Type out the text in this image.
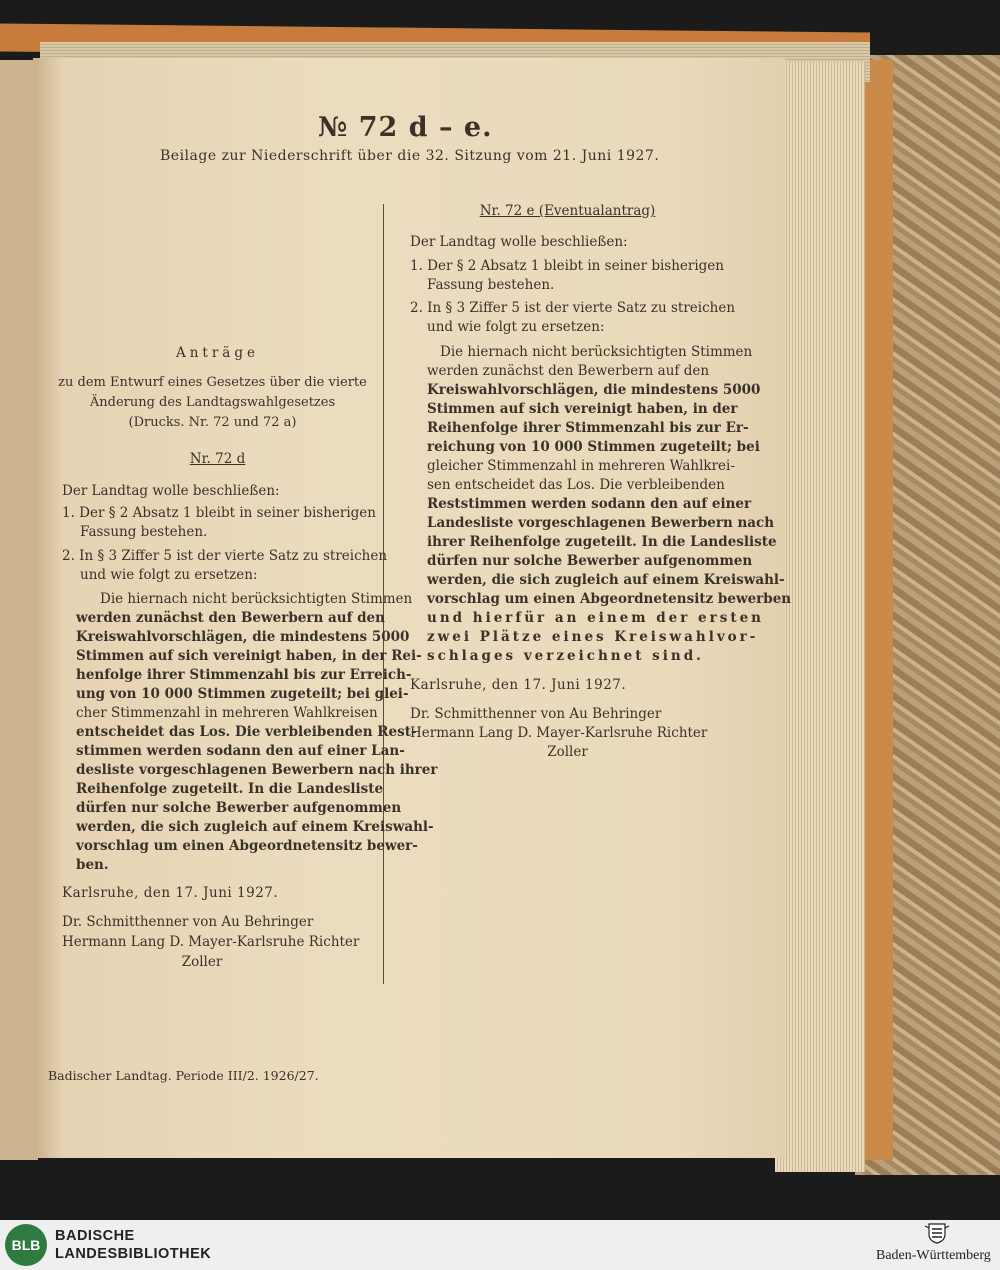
№ 72 d – e.
Beilage zur Niederschrift über die 32. Sitzung vom 21. Juni 1927.
Anträge
zu dem Entwurf eines Gesetzes über die vierte
Änderung des Landtagswahlgesetzes
(Drucks. Nr. 72 und 72 a)
Nr. 72 d
Der Landtag wolle beschließen:
1. Der § 2 Absatz 1 bleibt in seiner bisherigen
Fassung bestehen.
2. In § 3 Ziffer 5 ist der vierte Satz zu streichen
und wie folgt zu ersetzen:
Die hiernach nicht berücksichtigten Stimmen
werden zunächst den Bewerbern auf den
Kreiswahlvorschlägen, die mindestens 5000
Stimmen auf sich vereinigt haben, in der Rei-
henfolge ihrer Stimmenzahl bis zur Erreich-
ung von 10 000 Stimmen zugeteilt; bei glei-
cher Stimmenzahl in mehreren Wahlkreisen
entscheidet das Los. Die verbleibenden Rest-
stimmen werden sodann den auf einer Lan-
desliste vorgeschlagenen Bewerbern nach ihrer
Reihenfolge zugeteilt. In die Landesliste
dürfen nur solche Bewerber aufgenommen
werden, die sich zugleich auf einem Kreiswahl-
vorschlag um einen Abgeordnetensitz bewer-
ben.
Karlsruhe, den 17. Juni 1927.
Dr. Schmitthenner von Au Behringer
Hermann Lang D. Mayer-Karlsruhe Richter
Zoller
Badischer Landtag. Periode III/2. 1926/27.
Nr. 72 e (Eventualantrag)
Der Landtag wolle beschließen:
1. Der § 2 Absatz 1 bleibt in seiner bisherigen
Fassung bestehen.
2. In § 3 Ziffer 5 ist der vierte Satz zu streichen
und wie folgt zu ersetzen:
Die hiernach nicht berücksichtigten Stimmen
werden zunächst den Bewerbern auf den
Kreiswahlvorschlägen, die mindestens 5000
Stimmen auf sich vereinigt haben, in der
Reihenfolge ihrer Stimmenzahl bis zur Er-
reichung von 10 000 Stimmen zugeteilt; bei
gleicher Stimmenzahl in mehreren Wahlkrei-
sen entscheidet das Los. Die verbleibenden
Reststimmen werden sodann den auf einer
Landesliste vorgeschlagenen Bewerbern nach
ihrer Reihenfolge zugeteilt. In die Landesliste
dürfen nur solche Bewerber aufgenommen
werden, die sich zugleich auf einem Kreiswahl-
vorschlag um einen Abgeordnetensitz bewerben
und hierfür an einem der ersten
zwei Plätze eines Kreiswahlvor-
schlages verzeichnet sind.
Karlsruhe, den 17. Juni 1927.
Dr. Schmitthenner von Au Behringer
Hermann Lang D. Mayer-Karlsruhe Richter
Zoller
BLB
BADISCHE
LANDESBIBLIOTHEK	Baden-Württemberg
